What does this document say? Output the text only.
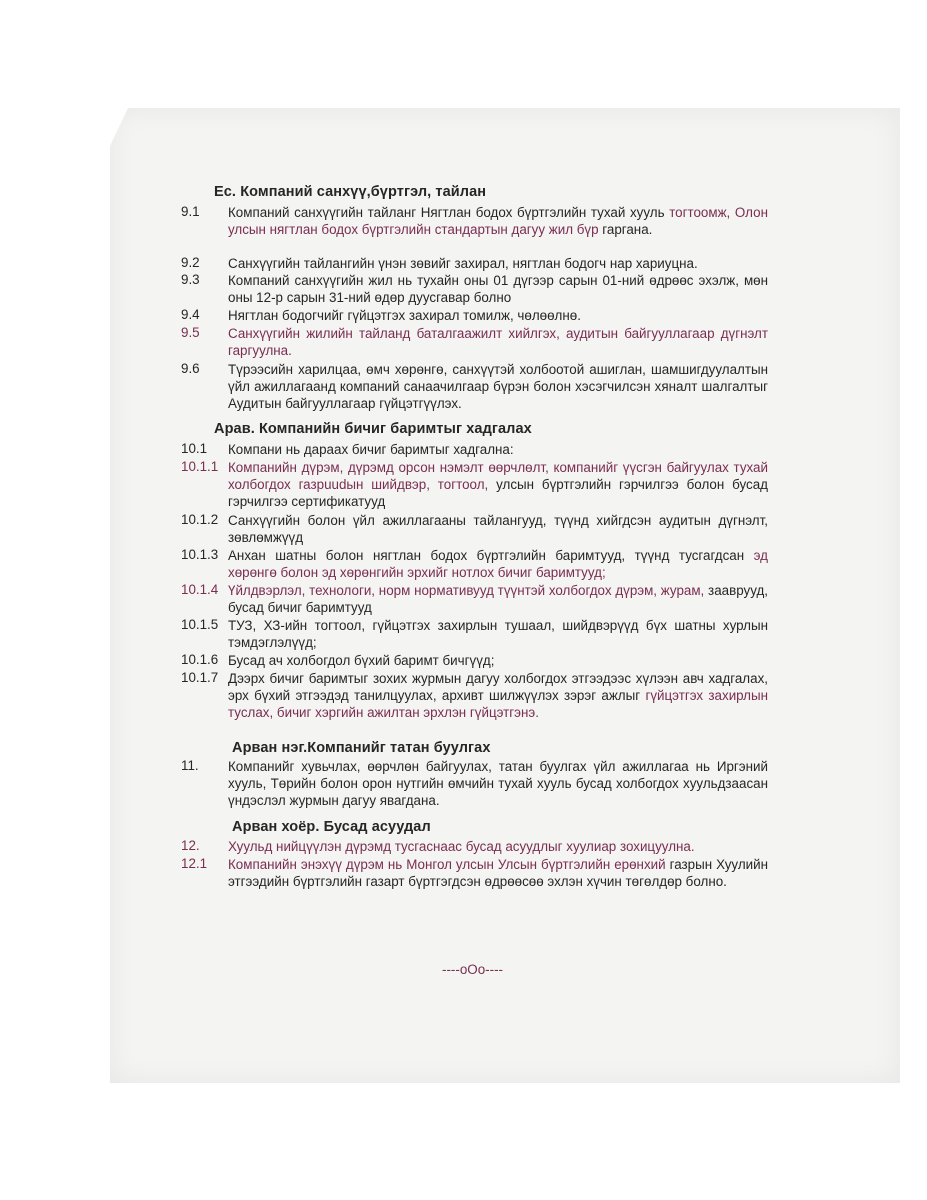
Ес. Компаний санхүү,бүртгэл, тайлан
9.1 Компаний санхүүгийн тайланг Нягтлан бодох бүртгэлийн тухай хууль тогтоомж, Олон улсын нягтлан бодох бүртгэлийн стандартын дагуу жил бүр гаргана.
9.2 Санхүүгийн тайлангийн үнэн зөвийг захирал, нягтлан бодогч нар хариуцна.
9.3 Компаний санхүүгийн жил нь тухайн оны 01 дүгээр сарын 01-ний өдрөөс эхэлж, мөн оны 12-р сарын 31-ний өдөр дуусгавар болно
9.4 Нягтлан бодогчийг гүйцэтгэх захирал томилж, чөлөөлнө.
9.5 Санхүүгийн жилийн тайланд баталгаажилт хийлгэх, аудитын байгууллагаар дүгнэлт гаргуулна.
9.6 Түрээсийн харилцаа, өмч хөрөнгө, санхүүтэй холбоотой ашиглан, шамшигдуулалтын үйл ажиллагаанд компаний санаачилгаар бүрэн болон хэсэгчилсэн хяналт шалгалтыг Аудитын байгууллагаар гүйцэтгүүлэх.
Арав. Компанийн бичиг баримтыг хадгалах
10.1 Компани нь дараах бичиг баримтыг хадгална:
10.1.1 Компанийн дүрэм, дүрэмд орсон нэмэлт өөрчлөлт, компанийг үүсгэн байгуулах тухай холбогдох газрuudын шийдвэр, тогтоол, улсын бүртгэлийн гэрчилгээ болон бусад гэрчилгээ сертификатууд
10.1.2 Санхүүгийн болон үйл ажиллагааны тайлангууд, түүнд хийгдсэн аудитын дүгнэлт, зөвлөмжүүд
10.1.3 Анхан шатны болон нягтлан бодох бүртгэлийн баримтууд, түүнд тусгагдсан эд хөрөнгө болон эд хөрөнгийн эрхийг нотлох бичиг баримтууд;
10.1.4 Үйлдвэрлэл, технологи, норм нормативууд түүнтэй холбогдох дүрэм, журам, зааврууд, бусад бичиг баримтууд
10.1.5 ТУЗ, ХЗ-ийн тогтоол, гүйцэтгэх захирлын тушаал, шийдвэрүүд бүх шатны хурлын тэмдэглэлүүд;
10.1.6 Бусад ач холбогдол бүхий баримт бичгүүд;
10.1.7 Дээрх бичиг баримтыг зохих журмын дагуу холбогдох этгээдээс хүлээн авч хадгалах, эрх бүхий этгээдэд танилцуулах, архивт шилжүүлэх зэрэг ажлыг гүйцэтгэх захирлын туслах, бичиг хэргийн ажилтан эрхлэн гүйцэтгэнэ.
Арван нэг.Компанийг татан буулгах
11. Компанийг хувьчлах, өөрчлөн байгуулах, татан буулгах үйл ажиллагаа нь Иргэний хууль, Төрийн болон орон нутгийн өмчийн тухай хууль бусад холбогдох хуульдзаасан үндэслэл журмын дагуу явагдана.
Арван хоёр. Бусад асуудал
12. Хуульд нийцүүлэн дүрэмд тусгаснаас бусад асуудлыг хуулиар зохицуулна.
12.1 Компанийн энэхүү дүрэм нь Монгол улсын Улсын бүртгэлийн ерөнхий газрын Хуулийн этгээдийн бүртгэлийн газарт бүртгэгдсэн өдрөөсөө эхлэн хүчин төгөлдөр болно.
----oOo----
